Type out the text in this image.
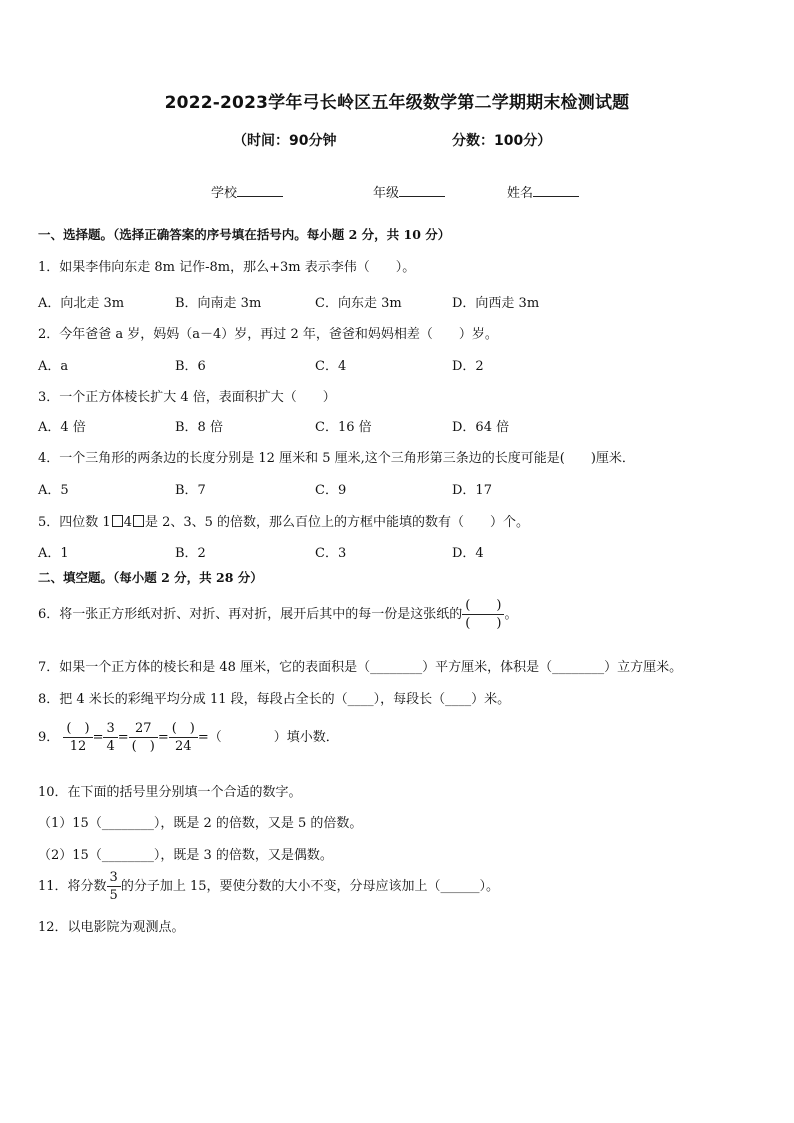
2022-2023学年弓长岭区五年级数学第二学期期末检测试题
（时间：90分钟	分数：100分）
学校	年级	姓名
一、选择题。（选择正确答案的序号填在括号内。每小题 2 分，共 10 分）
1．如果李伟向东走 8m 记作-8m，那么+3m 表示李伟（　　）。
A．向北走 3m	B．向南走 3m	C．向东走 3m	D．向西走 3m
2．今年爸爸 a 岁，妈妈（a－4）岁，再过 2 年，爸爸和妈妈相差（　　）岁。
A．a	B．6	C．4	D．2
3．一个正方体棱长扩大 4 倍，表面积扩大（　　）
A．4 倍	B．8 倍	C．16 倍	D．64 倍
4．一个三角形的两条边的长度分别是 12 厘米和 5 厘米,这个三角形第三条边的长度可能是(　　)厘米．
A．5	B．7	C．9	D．17
5．四位数 1 4 是 2、3、5 的倍数，那么百位上的方框中能填的数有（　　）个。
A．1	B．2	C．3	D．4
二、填空题。（每小题 2 分，共 28 分）
6．将一张正方形纸对折、对折、再对折，展开后其中的每一份是这张纸的 $\frac{( )}{( )}$ 。
7．如果一个正方体的棱长和是 48 厘米，它的表面积是（________）平方厘米，体积是（________）立方厘米。
8．把 4 米长的彩绳平均分成 11 段，每段占全长的（____），每段长（____）米。
9． $\frac{( )}{12} = \frac{3}{4} = \frac{27}{( )} = \frac{( )}{24}$ =（　　　　）填小数．
10．在下面的括号里分别填一个合适的数字。
（1）15（________），既是 2 的倍数，又是 5 的倍数。
（2）15（________），既是 3 的倍数，又是偶数。
11．将分数 $\frac{3}{5}$ 的分子加上 15，要使分数的大小不变，分母应该加上（______）。
12．以电影院为观测点。
